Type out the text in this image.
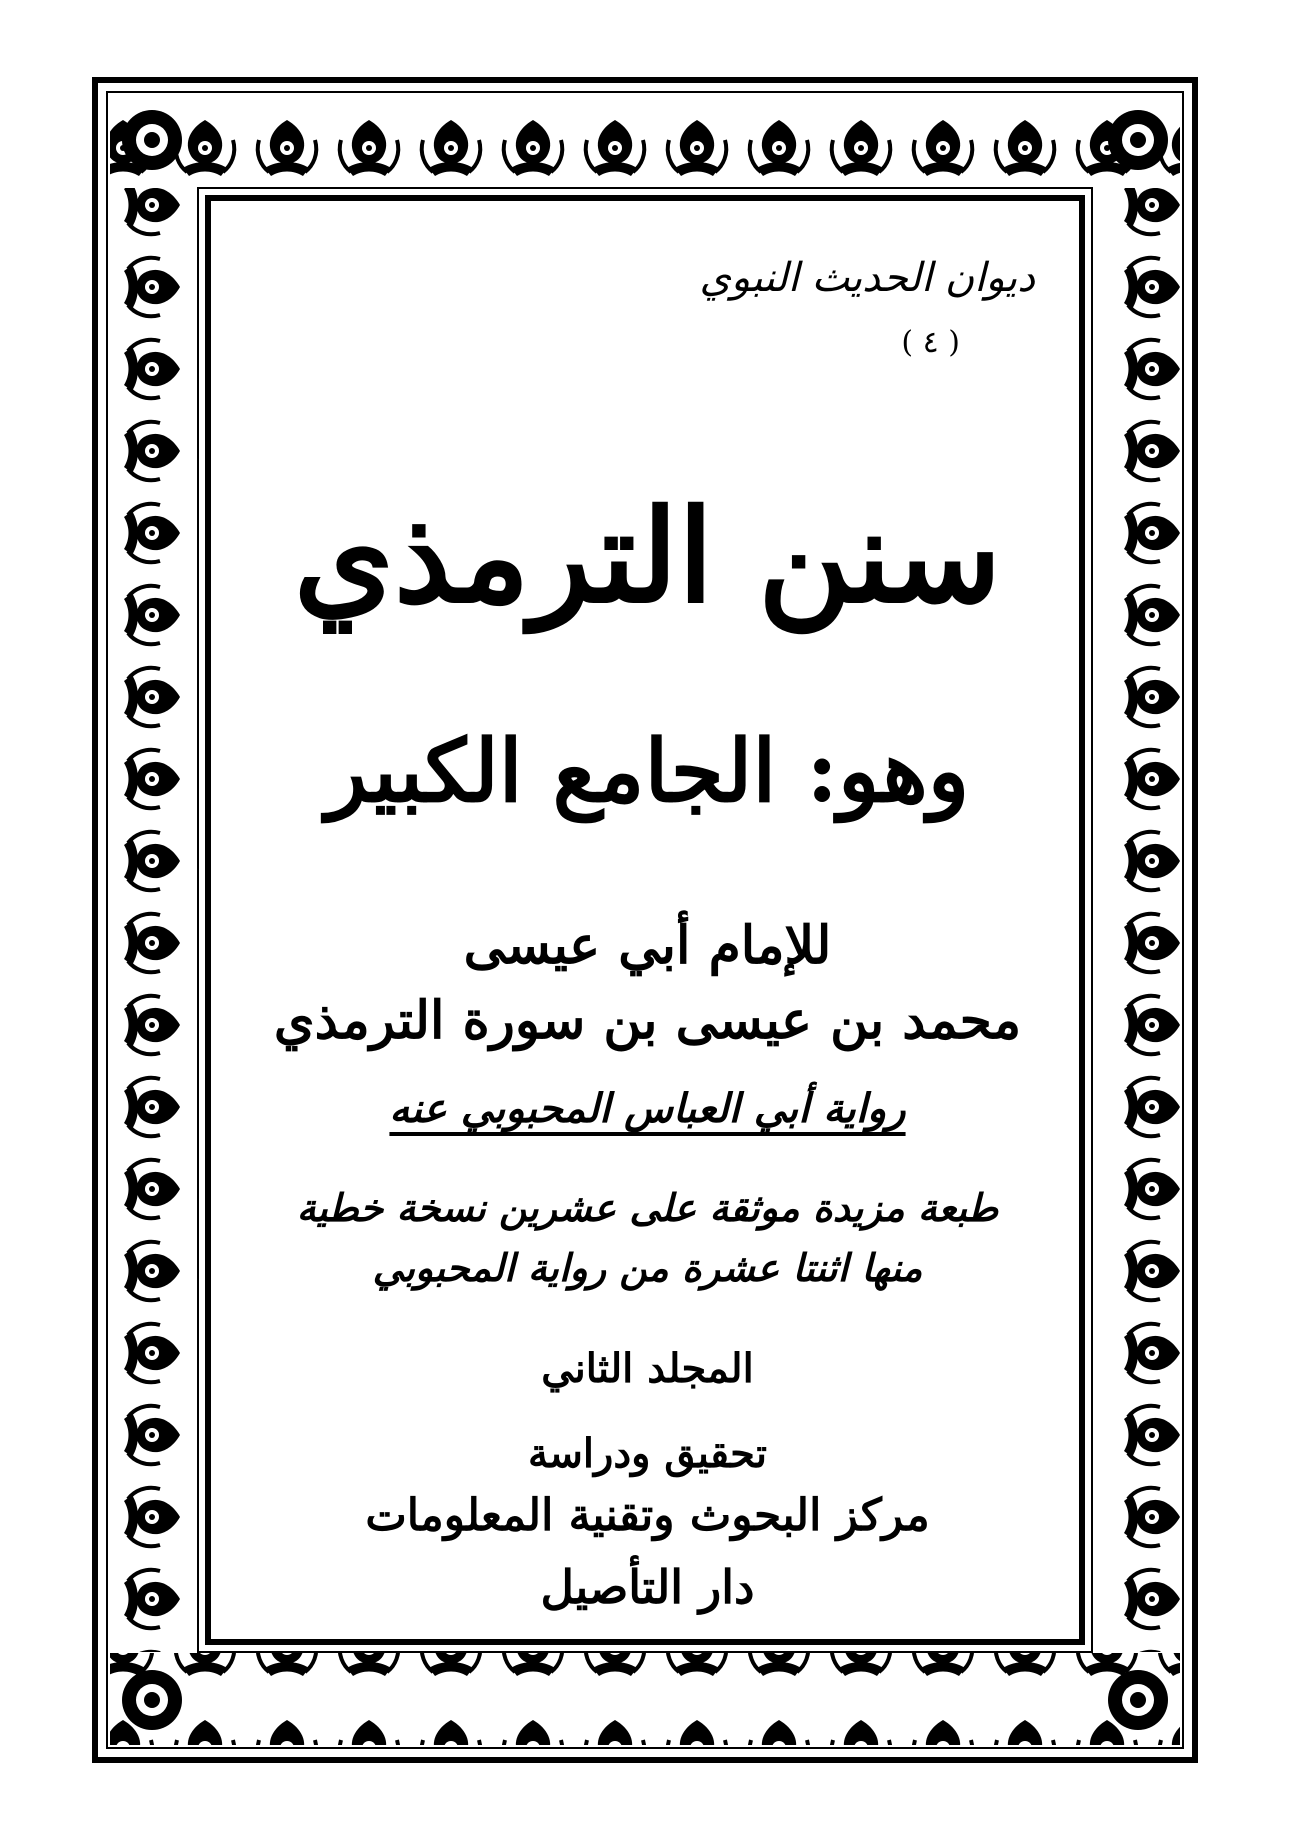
ديوان الحديث النبوي
( ٤ )
سنن الترمذي
وهو: الجامع الكبير
للإمام أبي عيسى
محمد بن عيسى بن سورة الترمذي
رواية أبي العباس المحبوبي عنه
طبعة مزيدة موثقة على عشرين نسخة خطية
منها اثنتا عشرة من رواية المحبوبي
المجلد الثاني
تحقيق ودراسة
مركز البحوث وتقنية المعلومات
دار التأصيل
